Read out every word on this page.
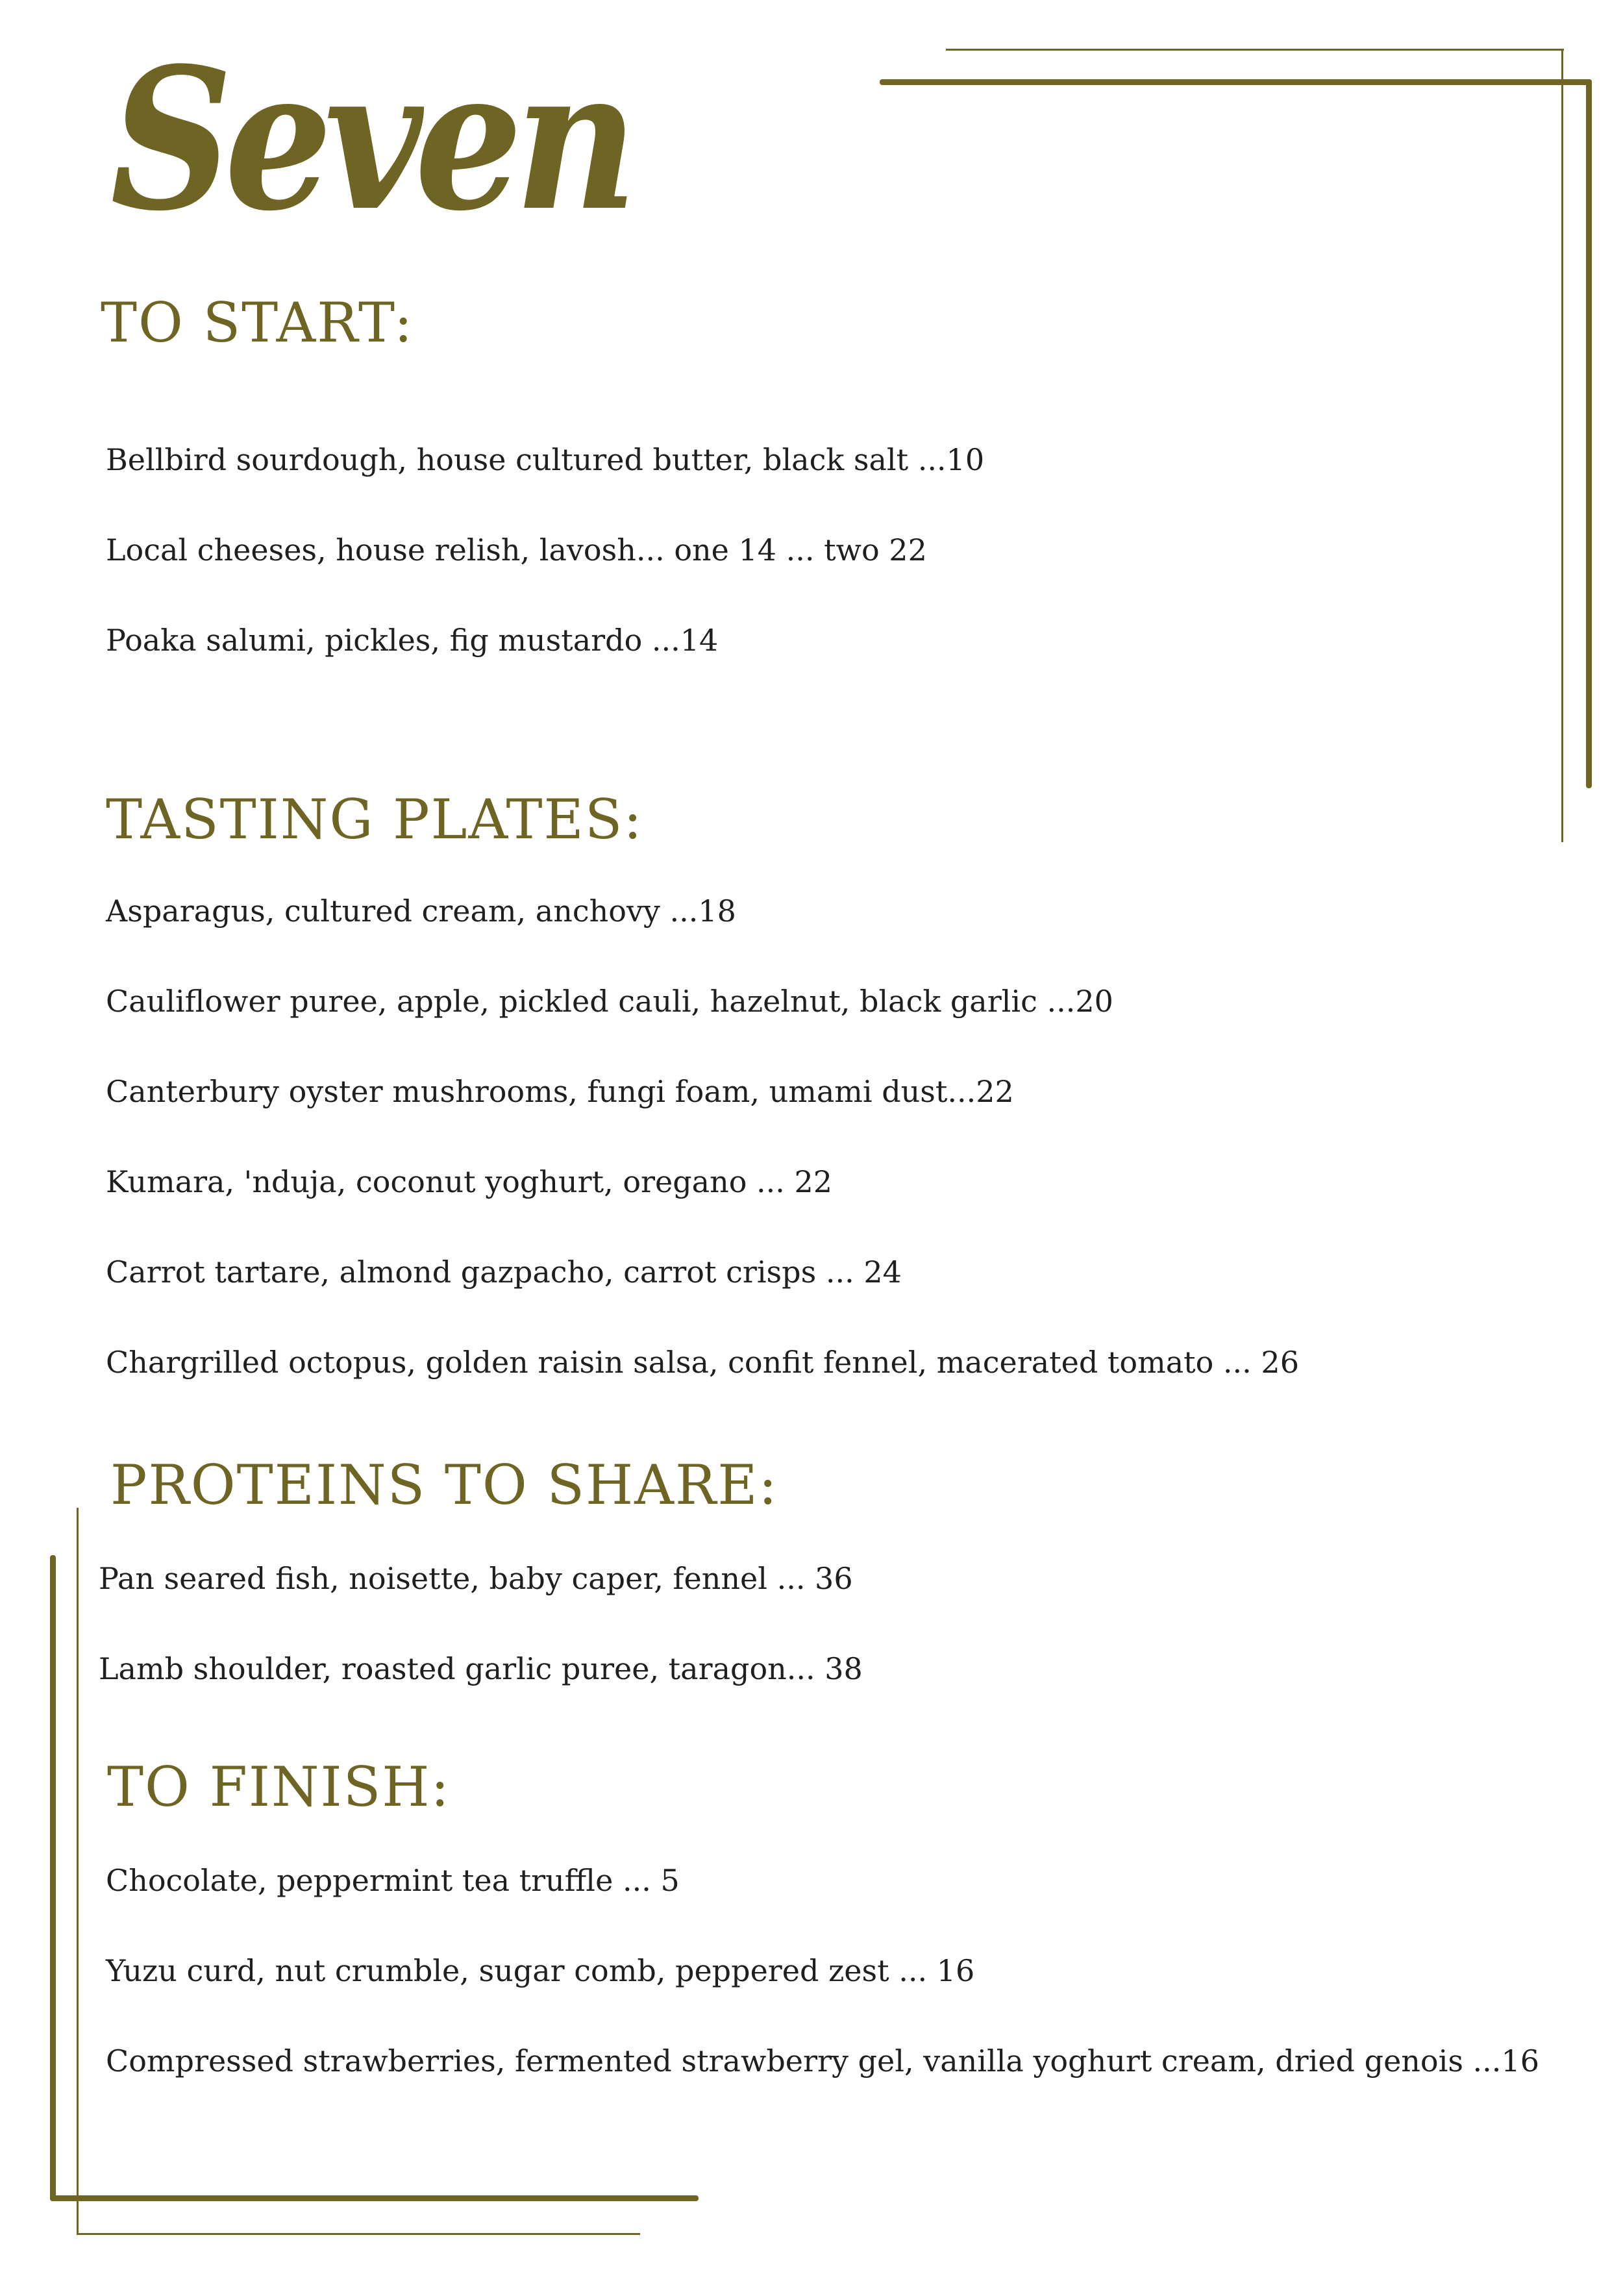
Seven
TO START:

Bellbird sourdough, house cultured butter, black salt ...10

Local cheeses, house relish, lavosh... one 14 ... two 22

Poaka salumi, pickles, fig mustardo ...14

TASTING PLATES:

Asparagus, cultured cream, anchovy ...18

Cauliflower puree, apple, pickled cauli, hazelnut, black garlic ...20

Canterbury oyster mushrooms, fungi foam, umami dust...22

Kumara, 'nduja, coconut yoghurt, oregano ... 22

Carrot tartare, almond gazpacho, carrot crisps ... 24

Chargrilled octopus, golden raisin salsa, confit fennel, macerated tomato ... 26

PROTEINS TO SHARE:

Pan seared fish, noisette, baby caper, fennel ... 36

Lamb shoulder, roasted garlic puree, taragon... 38

TO FINISH:

Chocolate, peppermint tea truffle ... 5

Yuzu curd, nut crumble, sugar comb, peppered zest ... 16

Compressed strawberries, fermented strawberry gel, vanilla yoghurt cream, dried genois ...16
